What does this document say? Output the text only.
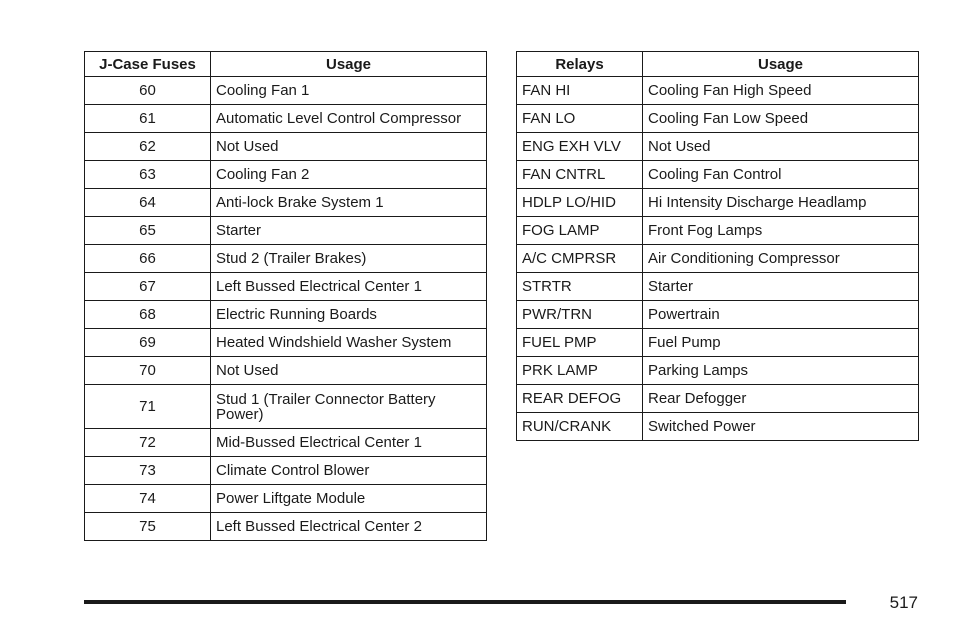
J-Case Fuses	Usage
60	Cooling Fan 1
61	Automatic Level Control Compressor
62	Not Used
63	Cooling Fan 2
64	Anti-lock Brake System 1
65	Starter
66	Stud 2 (Trailer Brakes)
67	Left Bussed Electrical Center 1
68	Electric Running Boards
69	Heated Windshield Washer System
70	Not Used
71	Stud 1 (Trailer Connector Battery Power)
72	Mid-Bussed Electrical Center 1
73	Climate Control Blower
74	Power Liftgate Module
75	Left Bussed Electrical Center 2
Relays	Usage
FAN HI	Cooling Fan High Speed
FAN LO	Cooling Fan Low Speed
ENG EXH VLV	Not Used
FAN CNTRL	Cooling Fan Control
HDLP LO/HID	Hi Intensity Discharge Headlamp
FOG LAMP	Front Fog Lamps
A/C CMPRSR	Air Conditioning Compressor
STRTR	Starter
PWR/TRN	Powertrain
FUEL PMP	Fuel Pump
PRK LAMP	Parking Lamps
REAR DEFOG	Rear Defogger
RUN/CRANK	Switched Power
517
